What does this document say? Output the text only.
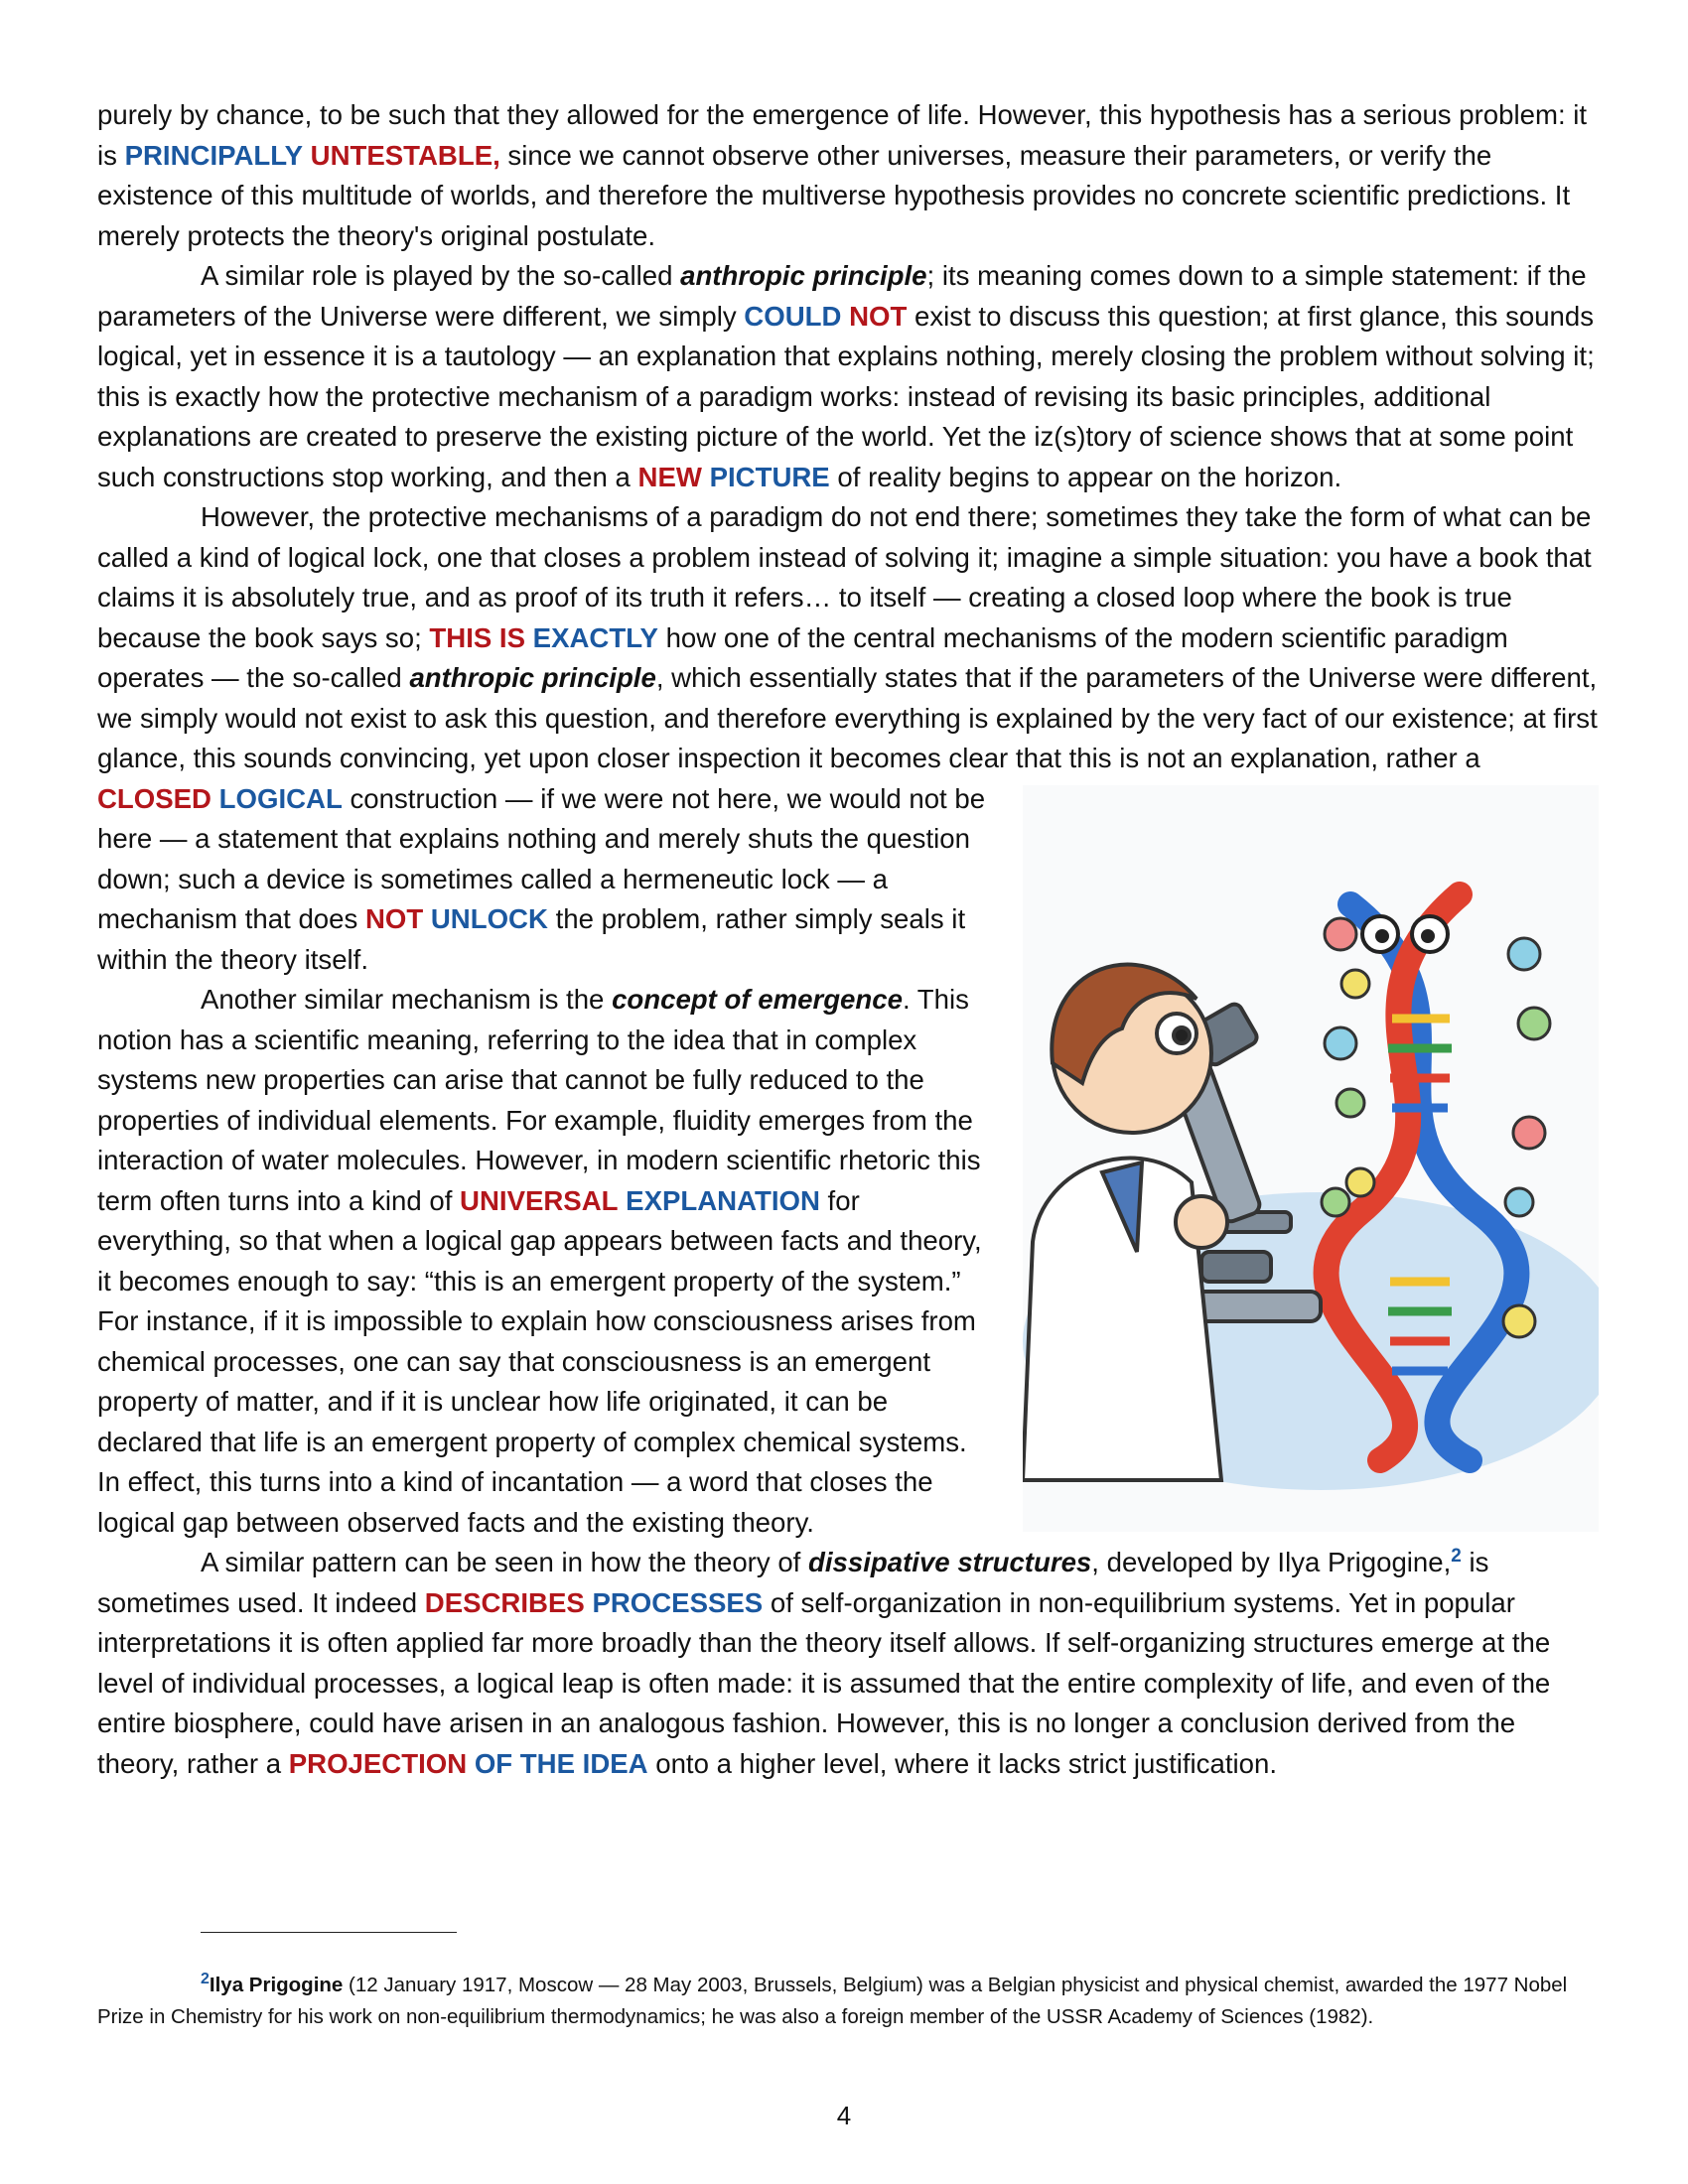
purely by chance, to be such that they allowed for the emergence of life. However, this hypothesis has a serious problem: it is PRINCIPALLY UNTESTABLE, since we cannot observe other universes, measure their parameters, or verify the existence of this multitude of worlds, and therefore the multiverse hypothesis provides no concrete scientific predictions. It merely protects the theory's original postulate.

A similar role is played by the so-called anthropic principle; its meaning comes down to a simple statement: if the parameters of the Universe were different, we simply COULD NOT exist to discuss this question; at first glance, this sounds logical, yet in essence it is a tautology — an explanation that explains nothing, merely closing the problem without solving it; this is exactly how the protective mechanism of a paradigm works: instead of revising its basic principles, additional explanations are created to preserve the existing picture of the world. Yet the iz(s)tory of science shows that at some point such constructions stop working, and then a NEW PICTURE of reality begins to appear on the horizon.

However, the protective mechanisms of a paradigm do not end there; sometimes they take the form of what can be called a kind of logical lock, one that closes a problem instead of solving it; imagine a simple situation: you have a book that claims it is absolutely true, and as proof of its truth it refers… to itself — creating a closed loop where the book is true because the book says so; THIS IS EXACTLY how one of the central mechanisms of the modern scientific paradigm operates — the so-called anthropic principle, which essentially states that if the parameters of the Universe were different, we simply would not exist to ask this question, and therefore everything is explained by the very fact of our existence; at first glance, this sounds convincing, yet upon closer inspection it becomes clear that this is not an explanation, rather a CLOSED LOGICAL construction — if we were not here, we would not be here — a statement that explains nothing and merely shuts the question down; such a device is sometimes called a hermeneutic lock — a mechanism that does NOT UNLOCK the problem, rather simply seals it within the theory itself.

Another similar mechanism is the concept of emergence. This notion has a scientific meaning, referring to the idea that in complex systems new properties can arise that cannot be fully reduced to the properties of individual elements. For example, fluidity emerges from the interaction of water molecules. However, in modern scientific rhetoric this term often turns into a kind of UNIVERSAL EXPLANATION for everything, so that when a logical gap appears between facts and theory, it becomes enough to say: “this is an emergent property of the system.” For instance, if it is impossible to explain how consciousness arises from chemical processes, one can say that consciousness is an emergent property of matter, and if it is unclear how life originated, it can be declared that life is an emergent property of complex chemical systems. In effect, this turns into a kind of incantation — a word that closes the logical gap between observed facts and the existing theory.

A similar pattern can be seen in how the theory of dissipative structures, developed by Ilya Prigogine,$^2$ is sometimes used. It indeed DESCRIBES PROCESSES of self-organization in non-equilibrium systems. Yet in popular interpretations it is often applied far more broadly than the theory itself allows. If self-organizing structures emerge at the level of individual processes, a logical leap is often made: it is assumed that the entire complexity of life, and even of the entire biosphere, could have arisen in an analogous fashion. However, this is no longer a conclusion derived from the theory, rather a PROJECTION OF THE IDEA onto a higher level, where it lacks strict justification.

$^2$Ilya Prigogine (12 January 1917, Moscow — 28 May 2003, Brussels, Belgium) was a Belgian physicist and physical chemist, awarded the 1977 Nobel Prize in Chemistry for his work on non-equilibrium thermodynamics; he was also a foreign member of the USSR Academy of Sciences (1982).

4
